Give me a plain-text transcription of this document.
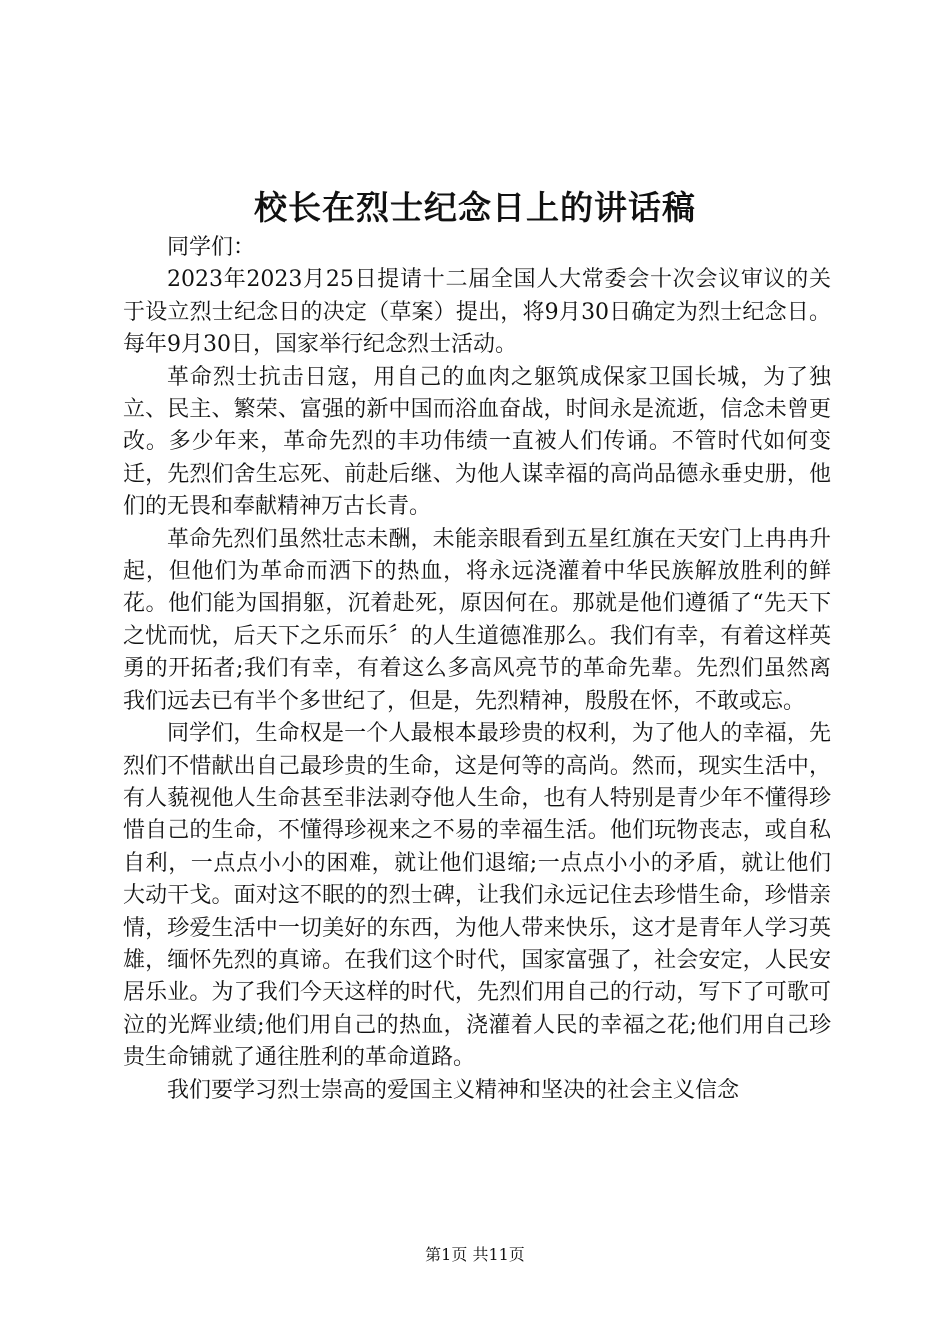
校长在烈士纪念日上的讲话稿

同学们：

2023年2023月25日提请十二届全国人大常委会十次会议审议的关于设立烈士纪念日的决定（草案）提出，将9月30日确定为烈士纪念日。每年9月30日，国家举行纪念烈士活动。

革命烈士抗击日寇，用自己的血肉之躯筑成保家卫国长城，为了独立、民主、繁荣、富强的新中国而浴血奋战，时间永是流逝，信念未曾更改。多少年来，革命先烈的丰功伟绩一直被人们传诵。不管时代如何变迁，先烈们舍生忘死、前赴后继、为他人谋幸福的高尚品德永垂史册，他们的无畏和奉献精神万古长青。

革命先烈们虽然壮志未酬，未能亲眼看到五星红旗在天安门上冉冉升起，但他们为革命而洒下的热血，将永远浇灌着中华民族解放胜利的鲜花。他们能为国捐躯，沉着赴死，原因何在。那就是他们遵循了“先天下之忧而忧，后天下之乐而乐〞的人生道德准那么。我们有幸，有着这样英勇的开拓者;我们有幸，有着这么多高风亮节的革命先辈。先烈们虽然离我们远去已有半个多世纪了，但是，先烈精神，殷殷在怀，不敢或忘。

同学们，生命权是一个人最根本最珍贵的权利，为了他人的幸福，先烈们不惜献出自己最珍贵的生命，这是何等的高尚。然而，现实生活中，有人藐视他人生命甚至非法剥夺他人生命，也有人特别是青少年不懂得珍惜自己的生命，不懂得珍视来之不易的幸福生活。他们玩物丧志，或自私自利，一点点小小的困难，就让他们退缩;一点点小小的矛盾，就让他们大动干戈。面对这不眠的的烈士碑，让我们永远记住去珍惜生命，珍惜亲情，珍爱生活中一切美好的东西，为他人带来快乐，这才是青年人学习英雄，缅怀先烈的真谛。在我们这个时代，国家富强了，社会安定，人民安居乐业。为了我们今天这样的时代，先烈们用自己的行动，写下了可歌可泣的光辉业绩;他们用自己的热血，浇灌着人民的幸福之花;他们用自己珍贵生命铺就了通往胜利的革命道路。

我们要学习烈士崇高的爱国主义精神和坚决的社会主义信念

第1页 共11页
